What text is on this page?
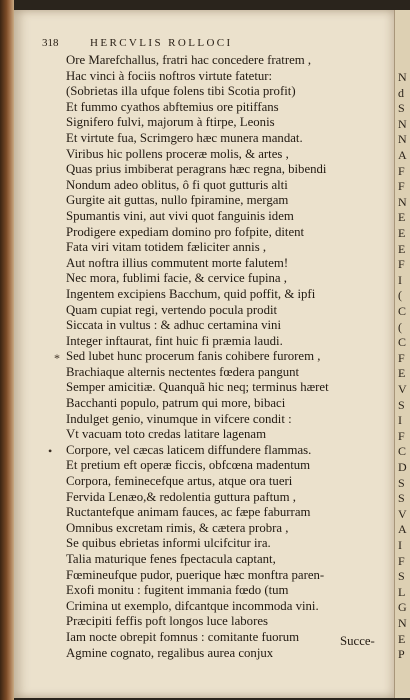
318	HERCVLIS ROLLOCI
Ore Marefchallus, fratri hac concedere fratrem ,
Hac vinci à fociis noftros virtute fatetur:
(Sobrietas illa ufque folens tibi Scotia profit)
Et fummo cyathos abftemius ore pitiffans
Signifero fulvi, majorum à ftirpe, Leonis
Et virtute fua, Scrimgero hæc munera mandat.
Viribus hic pollens proceræ molis, & artes ,
Quas prius imbiberat peragrans hæc regna, bibendi
Nondum adeo oblitus, ô fi quot gutturis alti
Gurgite ait guttas, nullo fpiramine, mergam
Spumantis vini, aut vivi quot fanguinis idem
Prodigere expediam domino pro fofpite, ditent
Fata viri vitam totidem fæliciter annis ,
Aut noftra illius commutent morte falutem!
Nec mora, fublimi facie, & cervice fupina ,
Ingentem excipiens Bacchum, quid poffit, & ipfi
Quam cupiat regi, vertendo pocula prodit
Siccata in vultus : & adhuc certamina vini
Integer inftaurat, fint huic fi præmia laudi.
Sed lubet hunc procerum fanis cohibere furorem ,
Brachiaque alternis nectentes fœdera pangunt
Semper amicitiæ. Quanquã hic neq; terminus hæret
Bacchanti populo, patrum qui more, bibaci
Indulget genio, vinumque in vifcere condit :
Vt vacuam toto credas latitare lagenam
Corpore, vel cæcas laticem diffundere flammas.
Et pretium eft operæ ficcis, obfcœna madentum
Corpora, feminecefque artus, atque ora tueri
Fervida Lenæo,& redolentia guttura paftum ,
Ructantefque animam fauces, ac fæpe faburram
Omnibus excretam rimis, & cætera probra ,
Se quibus ebrietas informi ulcifcitur ira.
Talia maturique fenes fpectacula captant,
Fœmineufque pudor, puerique hæc monftra paren-
Exofi monitu : fugitent immania fœdo (tum
Crimina ut exemplo, difcantque incommoda vini.
Præcipiti feffis poft longos luce labores
Iam nocte obrepit fomnus : comitante fuorum
Agmine cognato, regalibus aurea conjux
*
•
Succe-
N
d
S
N
N
A
F
F
N
E
E
E
F
I
(
C
(
C
F
E
V
S
I
F
C
D
S
S
V
A
I
F
S
L
G
N
E
P
